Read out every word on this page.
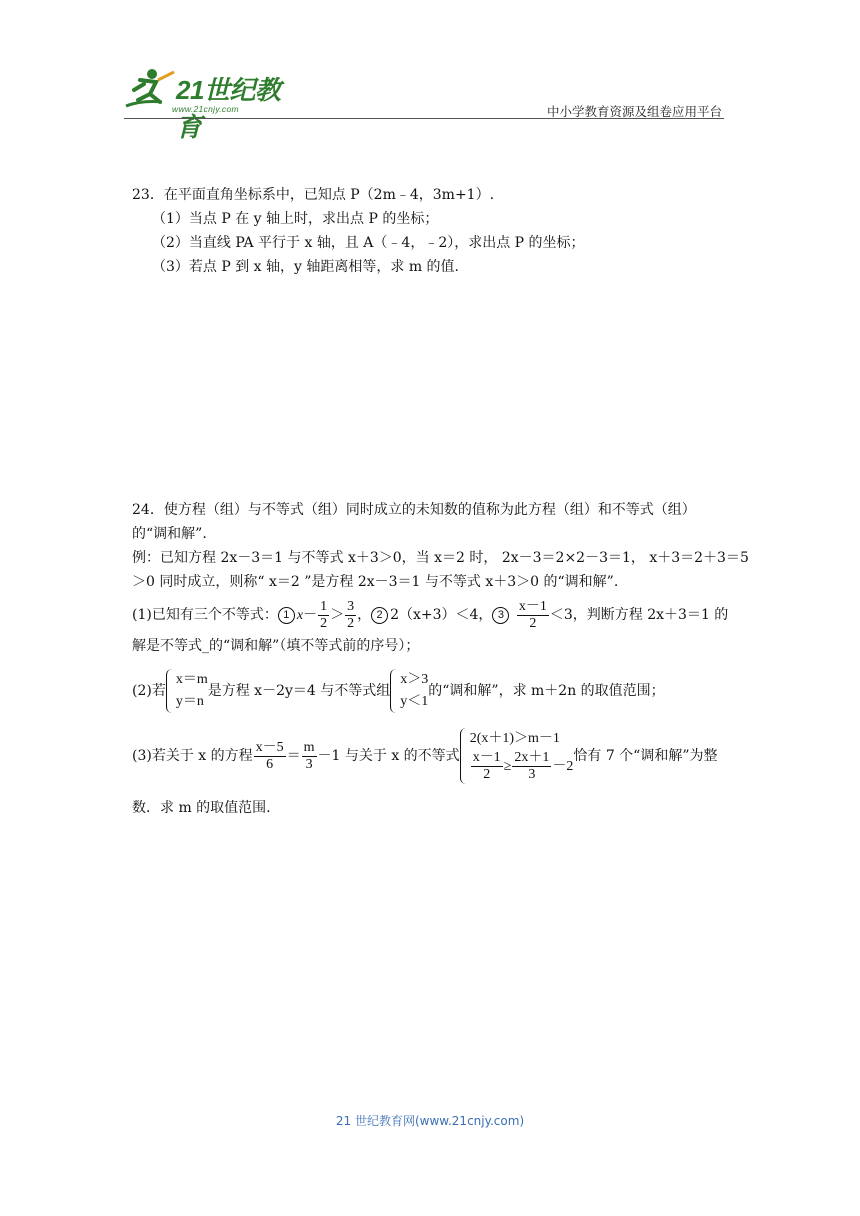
21世纪教育
www.21cnjy.com	中小学教育资源及组卷应用平台
23．在平面直角坐标系中，已知点 P（2m﹣4，3m+1）.
（1）当点 P 在 y 轴上时，求出点 P 的坐标；
（2）当直线 PA 平行于 x 轴，且 A（﹣4，﹣2），求出点 P 的坐标；
（3）若点 P 到 x 轴，y 轴距离相等，求 m 的值.
24．使方程（组）与不等式（组）同时成立的未知数的值称为此方程（组）和不等式（组）
的“调和解”.
例：已知方程 2x－3＝1 与不等式 x＋3＞0，当 x＝2 时， 2x－3＝2×2－3＝1， x＋3＝2＋3＝5
＞0 同时成立，则称“ x＝2 ”是方程 2x－3＝1 与不等式 x＋3＞0 的“调和解”.
(1)已知有三个不等式： 1 $x- \frac{1}{2} > \frac{3}{2}$ ， 2 2（x+3）＜4， $3 \frac{x-1}{2} <3$，判断方程 2x＋3＝1 的
解是不等式_的“调和解”（填不等式前的序号）；
(2)若
x＝m
y＝n
是方程 x－2y＝4 与不等式组
x＞3
y＜1
的“调和解”，求 m＋2n 的取值范围；
(3)若关于 x 的方程 $\frac{x-5}{6} = \frac{m}{3} -1$ 与关于 x 的不等式
2(x＋1)＞m－1
$\frac{x-1}{2} \ge \frac{2x+1}{3} -2$
恰有 7 个“调和解”为整
数．求 m 的取值范围.
21 世纪教育网(www.21cnjy.com)
